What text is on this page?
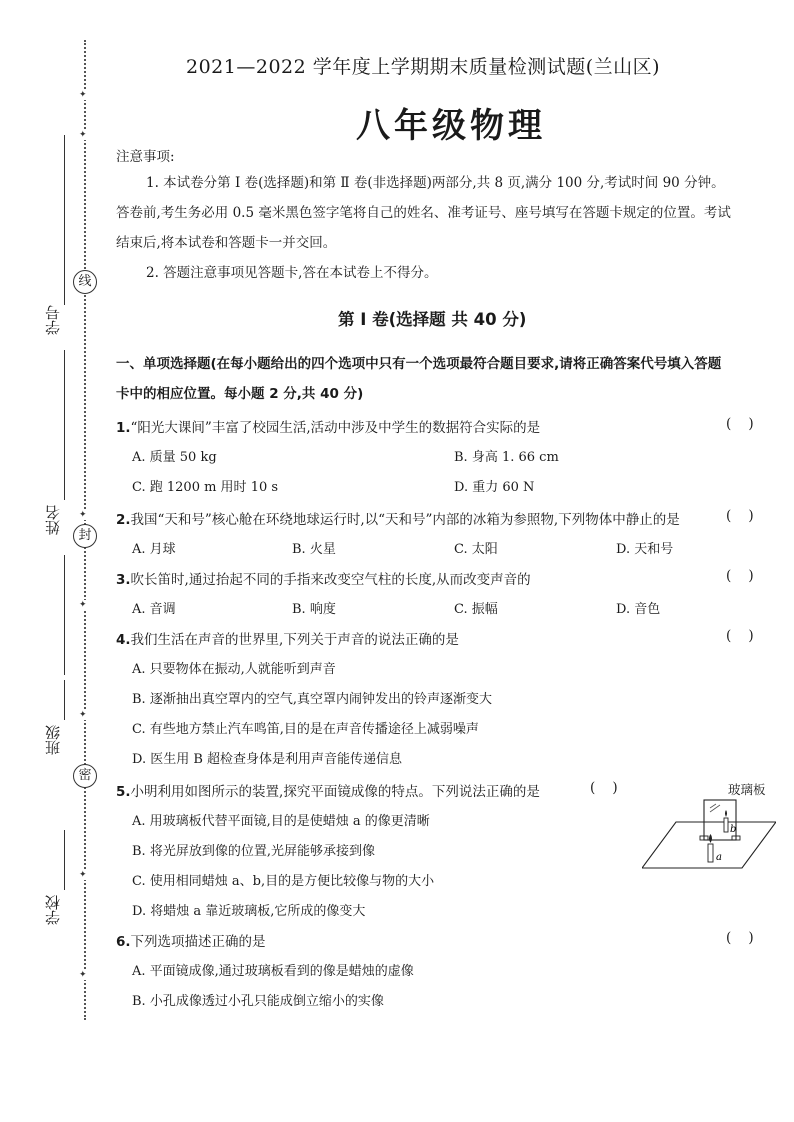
✦
✦
✦
✦
✦
✦
✦
线
封
密
学号
姓名
班级
学校
2021—2022 学年度上学期期末质量检测试题(兰山区)
八年级物理
注意事项:
1. 本试卷分第 Ⅰ 卷(选择题)和第 Ⅱ 卷(非选择题)两部分,共 8 页,满分 100 分,考试时间 90 分钟。
答卷前,考生务必用 0.5 毫米黑色签字笔将自己的姓名、准考证号、座号填写在答题卡规定的位置。考试
结束后,将本试卷和答题卡一并交回。
2. 答题注意事项见答题卡,答在本试卷上不得分。
第 Ⅰ 卷(选择题 共 40 分)
一、单项选择题(在每小题给出的四个选项中只有一个选项最符合题目要求,请将正确答案代号填入答题
卡中的相应位置。每小题 2 分,共 40 分)
1.“阳光大课间”丰富了校园生活,活动中涉及中学生的数据符合实际的是	(    )
A. 质量 50 kg	B. 身高 1. 66 cm
C. 跑 1200 m 用时 10 s	D. 重力 60 N
2.我国“天和号”核心舱在环绕地球运行时,以“天和号”内部的冰箱为参照物,下列物体中静止的是	(    )
A. 月球	B. 火星	C. 太阳	D. 天和号
3.吹长笛时,通过抬起不同的手指来改变空气柱的长度,从而改变声音的	(    )
A. 音调	B. 响度	C. 振幅	D. 音色
4.我们生活在声音的世界里,下列关于声音的说法正确的是	(    )
A. 只要物体在振动,人就能听到声音
B. 逐渐抽出真空罩内的空气,真空罩内闹钟发出的铃声逐渐变大
C. 有些地方禁止汽车鸣笛,目的是在声音传播途径上减弱噪声
D. 医生用 B 超检查身体是利用声音能传递信息
5.小明利用如图所示的装置,探究平面镜成像的特点。下列说法正确的是	(    )
A. 用玻璃板代替平面镜,目的是使蜡烛 a 的像更清晰
B. 将光屏放到像的位置,光屏能够承接到像
C. 使用相同蜡烛 a、b,目的是方便比较像与物的大小
D. 将蜡烛 a 靠近玻璃板,它所成的像变大
玻璃板
b
a
6.下列选项描述正确的是	(    )
A. 平面镜成像,通过玻璃板看到的像是蜡烛的虚像
B. 小孔成像透过小孔只能成倒立缩小的实像
